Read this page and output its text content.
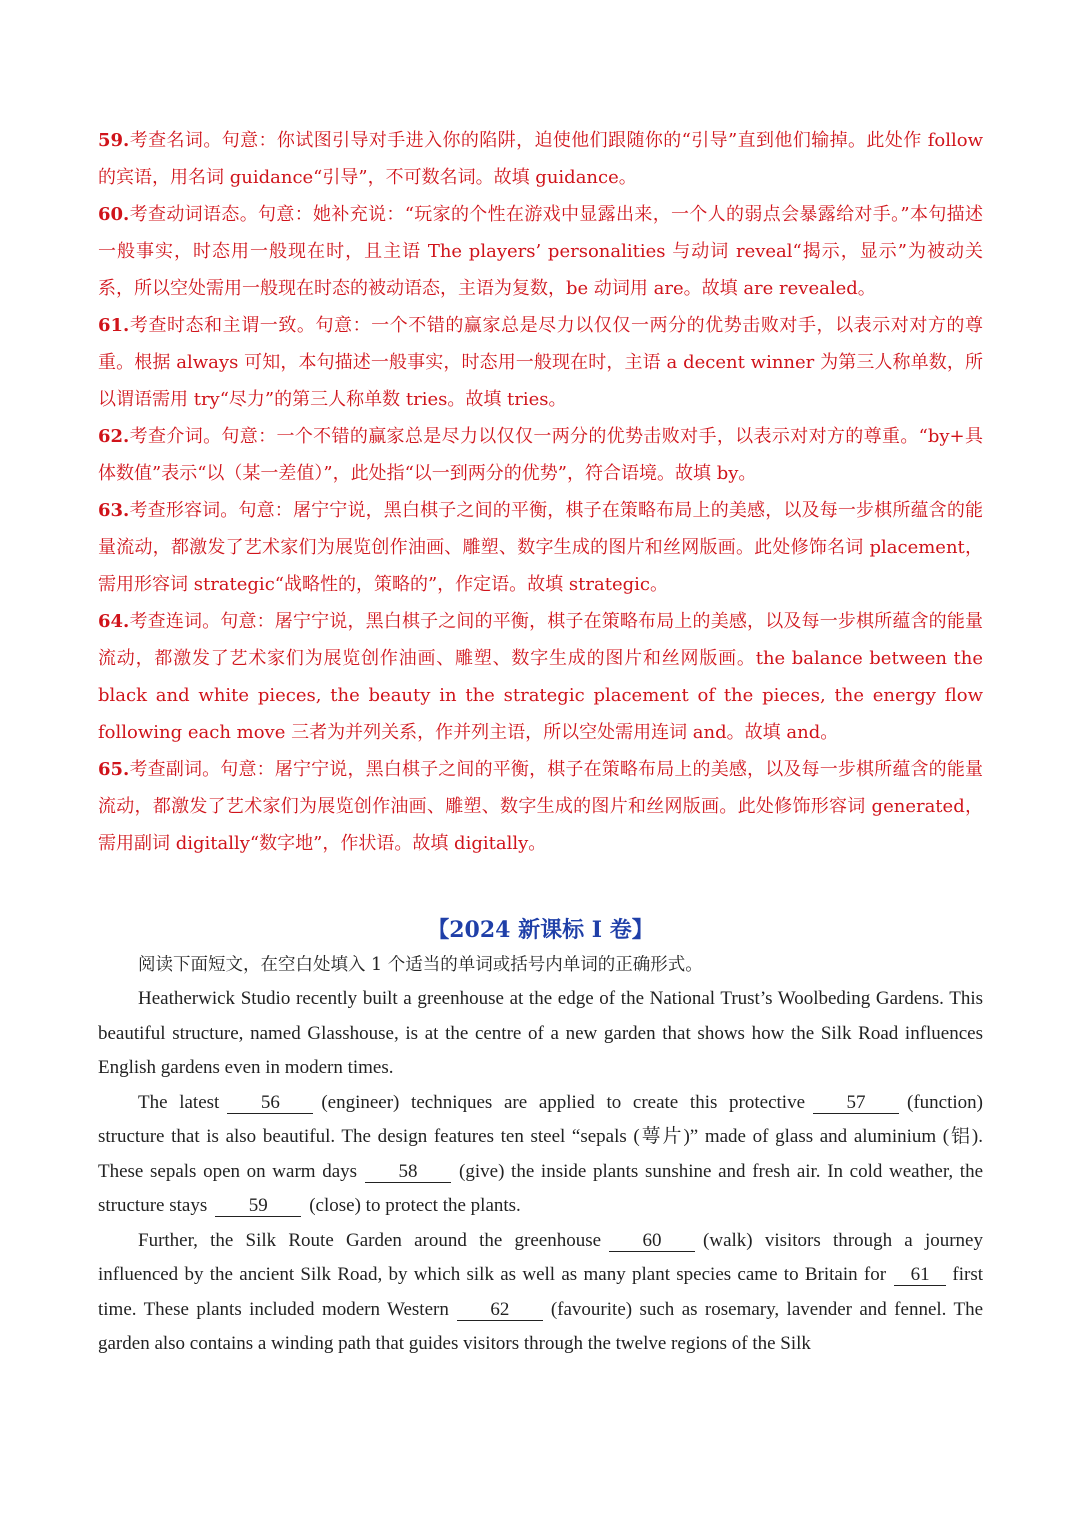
59.考查名词。句意：你试图引导对手进入你的陷阱，迫使他们跟随你的“引导”直到他们输掉。此处作 follow 的宾语，用名词 guidance“引导”，不可数名词。故填 guidance。

60.考查动词语态。句意：她补充说：“玩家的个性在游戏中显露出来，一个人的弱点会暴露给对手。”本句描述一般事实，时态用一般现在时，且主语 The players’ personalities 与动词 reveal“揭示，显示”为被动关系，所以空处需用一般现在时态的被动语态，主语为复数，be 动词用 are。故填 are revealed。

61.考查时态和主谓一致。句意：一个不错的赢家总是尽力以仅仅一两分的优势击败对手，以表示对对方的尊重。根据 always 可知，本句描述一般事实，时态用一般现在时，主语 a decent winner 为第三人称单数，所以谓语需用 try“尽力”的第三人称单数 tries。故填 tries。

62.考查介词。句意：一个不错的赢家总是尽力以仅仅一两分的优势击败对手，以表示对对方的尊重。“by+具体数值”表示“以（某一差值）”，此处指“以一到两分的优势”，符合语境。故填 by。

63.考查形容词。句意：屠宁宁说，黑白棋子之间的平衡，棋子在策略布局上的美感，以及每一步棋所蕴含的能量流动，都激发了艺术家们为展览创作油画、雕塑、数字生成的图片和丝网版画。此处修饰名词 placement，需用形容词 strategic“战略性的，策略的”，作定语。故填 strategic。

64.考查连词。句意：屠宁宁说，黑白棋子之间的平衡，棋子在策略布局上的美感，以及每一步棋所蕴含的能量流动，都激发了艺术家们为展览创作油画、雕塑、数字生成的图片和丝网版画。the balance between the black and white pieces, the beauty in the strategic placement of the pieces, the energy flow following each move 三者为并列关系，作并列主语，所以空处需用连词 and。故填 and。

65.考查副词。句意：屠宁宁说，黑白棋子之间的平衡，棋子在策略布局上的美感，以及每一步棋所蕴含的能量流动，都激发了艺术家们为展览创作油画、雕塑、数字生成的图片和丝网版画。此处修饰形容词 generated，需用副词 digitally“数字地”，作状语。故填 digitally。

【2024 新课标 I 卷】

阅读下面短文，在空白处填入 1 个适当的单词或括号内单词的正确形式。

Heatherwick Studio recently built a greenhouse at the edge of the National Trust’s Woolbeding Gardens. This beautiful structure, named Glasshouse, is at the centre of a new garden that shows how the Silk Road influences English gardens even in modern times.

The latest 56 (engineer) techniques are applied to create this protective 57 (function) structure that is also beautiful. The design features ten steel “sepals (萼片)” made of glass and aluminium (铝). These sepals open on warm days 58 (give) the inside plants sunshine and fresh air. In cold weather, the structure stays 59 (close) to protect the plants.

Further, the Silk Route Garden around the greenhouse 60 (walk) visitors through a journey influenced by the ancient Silk Road, by which silk as well as many plant species came to Britain for 61 first time. These plants included modern Western 62 (favourite) such as rosemary, lavender and fennel. The garden also contains a winding path that guides visitors through the twelve regions of the Silk
